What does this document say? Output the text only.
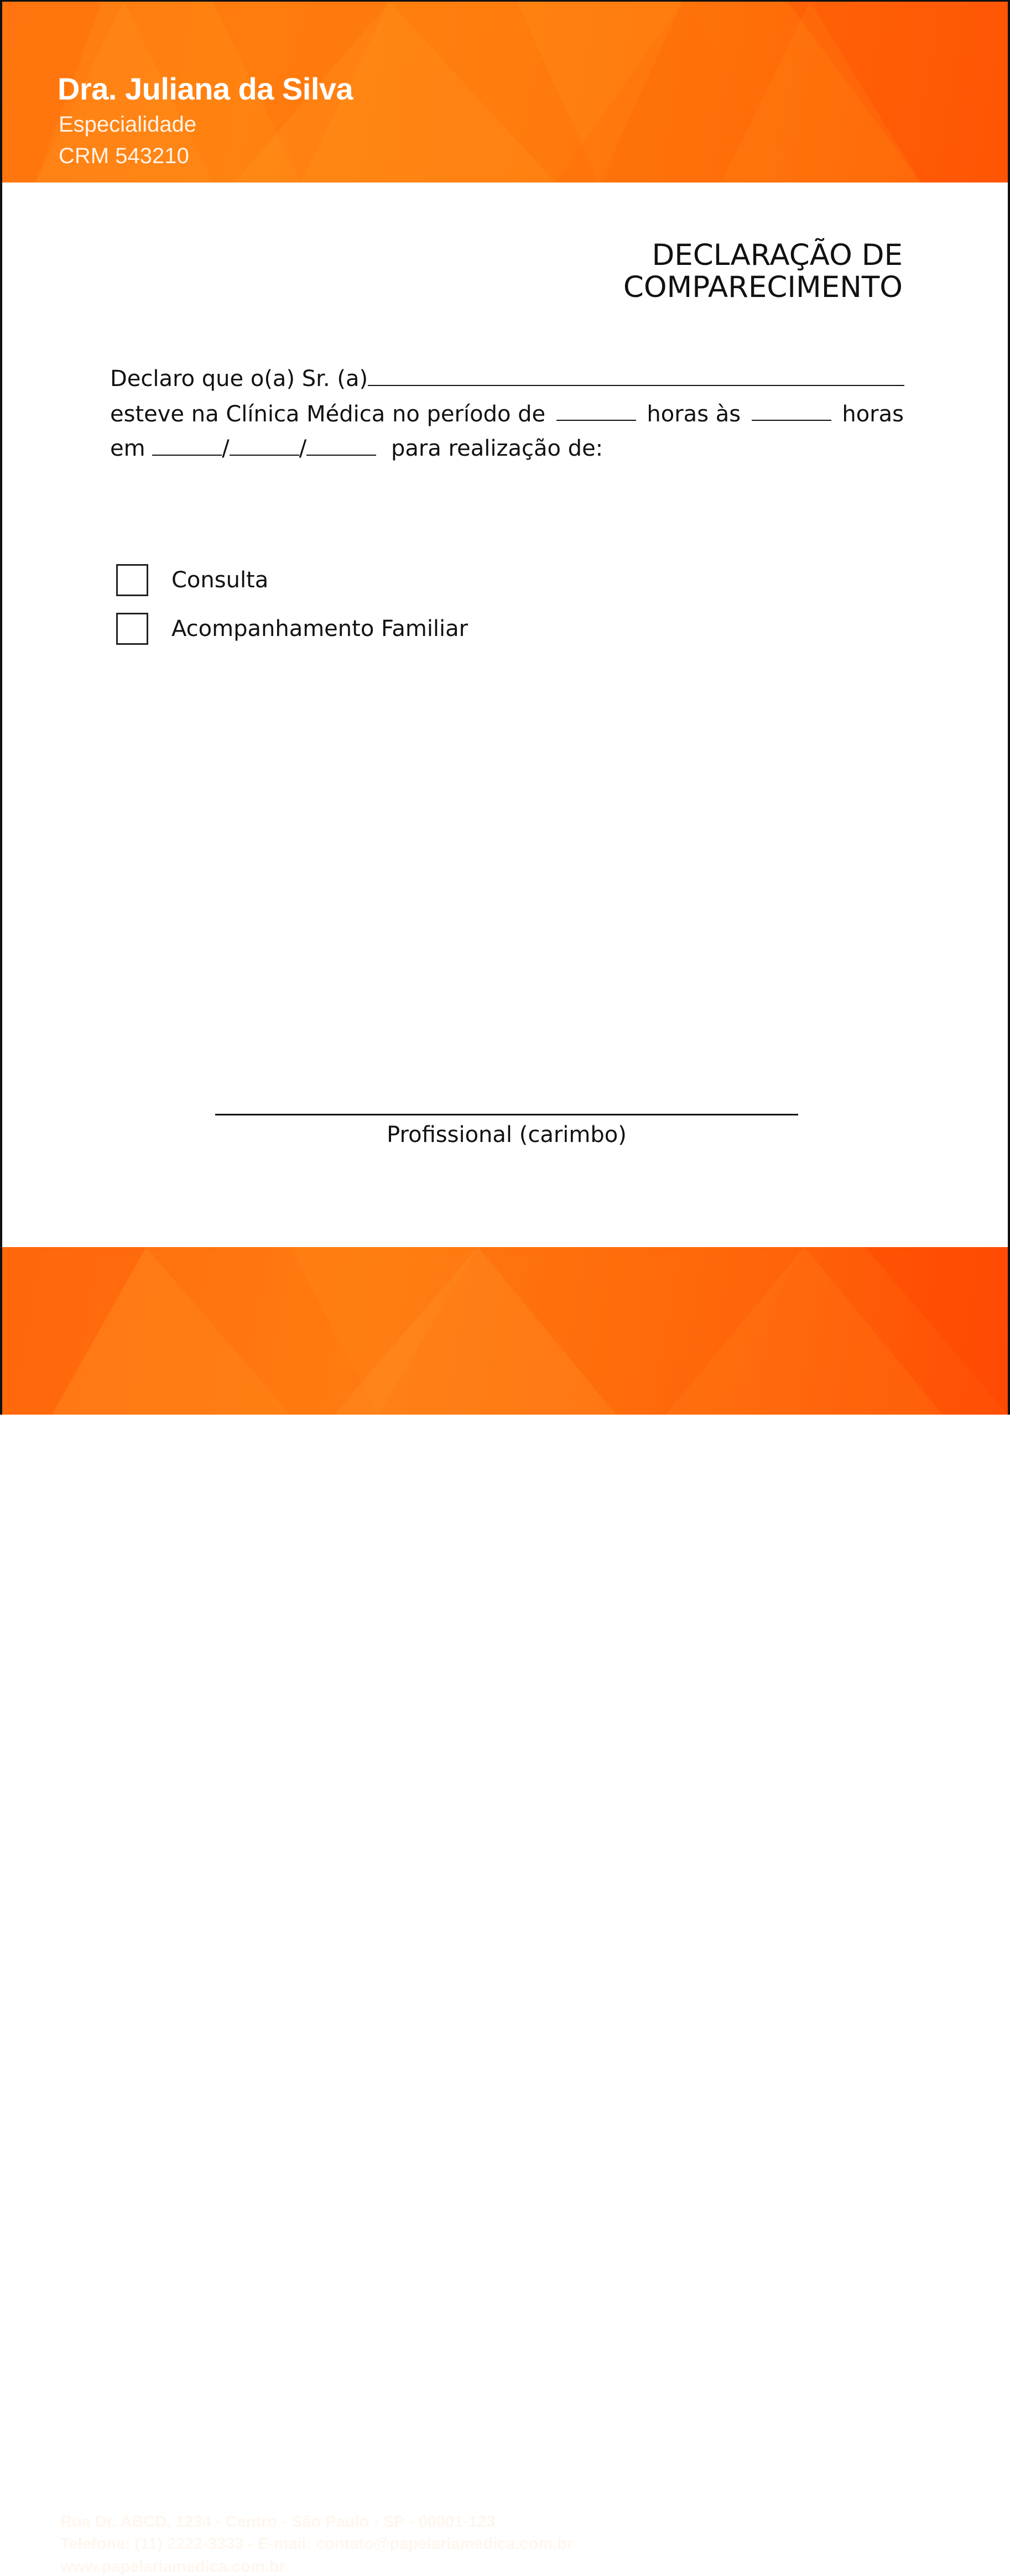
Dra. Juliana da Silva

Especialidade

CRM 543210

DECLARAÇÃO DE
COMPARECIMENTO

Declaro que o(a) Sr. (a)

esteve na Clínica Médica no período de	horas às	horas

em	/	/	para realização de:

Consulta
Acompanhamento Familiar

Profissional (carimbo)

Rua Dr. ABCD, 1234 - Centro - São Paulo - SP - 00001-123

Telefone: (11) 2222-3333 - E-mail: contato@papelariamedica.com.br

www.papelariamedica.com.br
